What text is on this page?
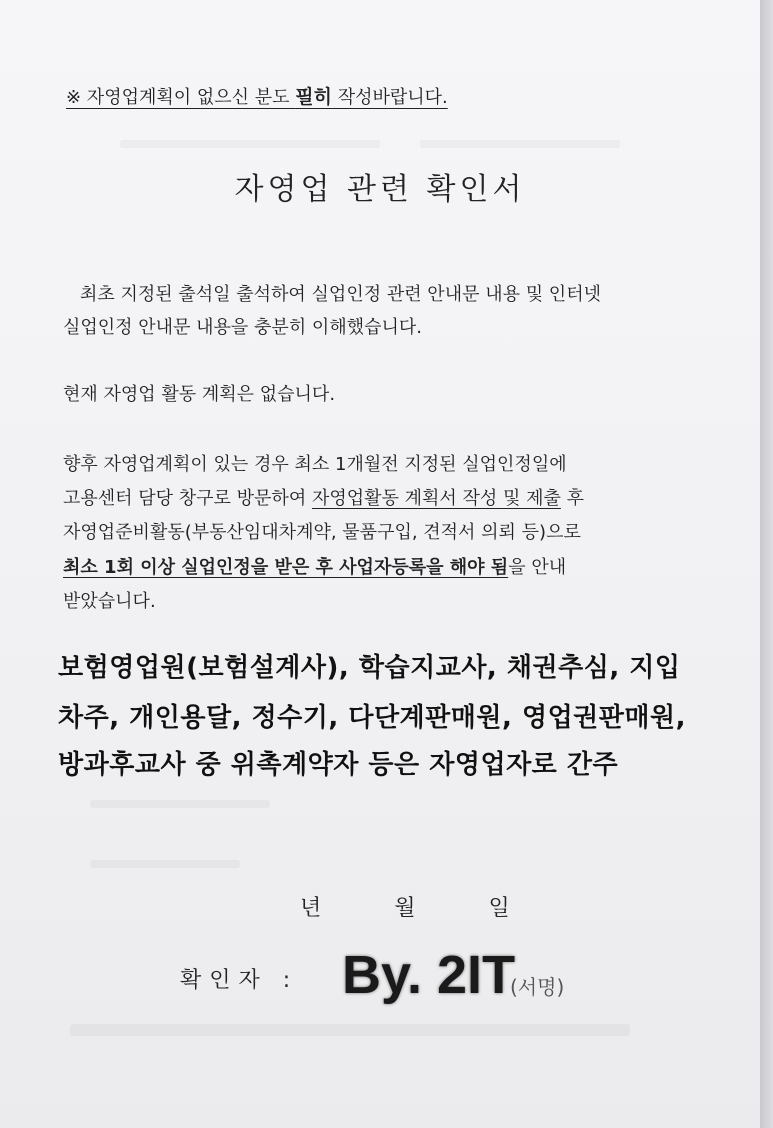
※ 자영업계획이 없으신 분도 필히 작성바랍니다.
자영업 관련 확인서
최초 지정된 출석일 출석하여 실업인정 관련 안내문 내용 및 인터넷
실업인정 안내문 내용을 충분히 이해했습니다.
현재 자영업 활동 계획은 없습니다.
향후 자영업계획이 있는 경우 최소 1개월전 지정된 실업인정일에
고용센터 담당 창구로 방문하여 자영업활동 계획서 작성 및 제출 후
자영업준비활동(부동산임대차계약, 물품구입, 견적서 의뢰 등)으로
최소 1회 이상 실업인정을 받은 후 사업자등록을 해야 됨을 안내
받았습니다.
보험영업원(보험설계사), 학습지교사, 채권추심, 지입
차주, 개인용달, 정수기, 다단계판매원, 영업권판매원,
방과후교사 중 위촉계약자 등은 자영업자로 간주
년 월 일
확인자 :	(서명)
By. 2IT
